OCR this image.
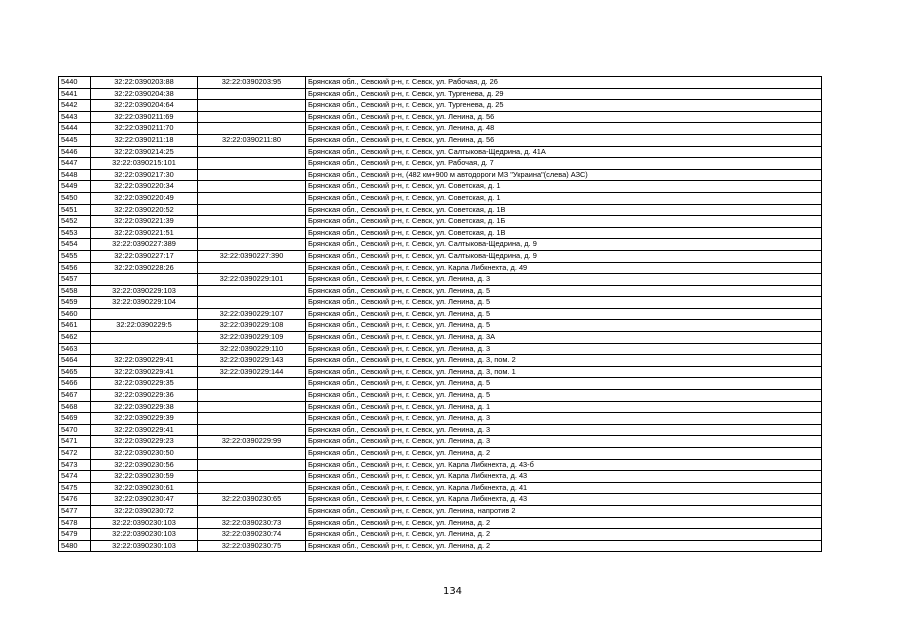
5440	32:22:0390203:88	32:22:0390203:95	Брянская обл., Севский р-н, г. Севск, ул. Рабочая, д. 26
5441	32:22:0390204:38		Брянская обл., Севский р-н, г. Севск, ул. Тургенева, д. 29
5442	32:22:0390204:64		Брянская обл., Севский р-н, г. Севск, ул. Тургенева, д. 25
5443	32:22:0390211:69		Брянская обл., Севский р-н, г. Севск, ул. Ленина, д. 56
5444	32:22:0390211:70		Брянская обл., Севский р-н, г. Севск, ул. Ленина, д. 48
5445	32:22:0390211:18	32:22:0390211:80	Брянская обл., Севский р-н, г. Севск, ул. Ленина, д. 56
5446	32:22:0390214:25		Брянская обл., Севский р-н, г. Севск, ул. Салтыкова-Щедрина, д. 41А
5447	32:22:0390215:101		Брянская обл., Севский р-н, г. Севск, ул. Рабочая, д. 7
5448	32:22:0390217:30		Брянская обл., Севский р-н, (482 км+900 м автодороги МЗ "Украина"(слева) АЗС)
5449	32:22:0390220:34		Брянская обл., Севский р-н, г. Севск, ул. Советская, д. 1
5450	32:22:0390220:49		Брянская обл., Севский р-н, г. Севск, ул. Советская, д. 1
5451	32:22:0390220:52		Брянская обл., Севский р-н, г. Севск, ул. Советская, д. 1В
5452	32:22:0390221:39		Брянская обл., Севский р-н, г. Севск, ул. Советская, д. 1Б
5453	32:22:0390221:51		Брянская обл., Севский р-н, г. Севск, ул. Советская, д. 1В
5454	32:22:0390227:389		Брянская обл., Севский р-н, г. Севск, ул. Салтыкова-Щедрина, д. 9
5455	32:22:0390227:17	32:22:0390227:390	Брянская обл., Севский р-н, г. Севск, ул. Салтыкова-Щедрина, д. 9
5456	32:22:0390228:26		Брянская обл., Севский р-н, г. Севск, ул. Карла Либкнехта, д. 49
5457		32:22:0390229:101	Брянская обл., Севский р-н, г. Севск, ул. Ленина, д. 3
5458	32:22:0390229:103		Брянская обл., Севский р-н, г. Севск, ул. Ленина, д. 5
5459	32:22:0390229:104		Брянская обл., Севский р-н, г. Севск, ул. Ленина, д. 5
5460		32:22:0390229:107	Брянская обл., Севский р-н, г. Севск, ул. Ленина, д. 5
5461	32:22:0390229:5	32:22:0390229:108	Брянская обл., Севский р-н, г. Севск, ул. Ленина, д. 5
5462		32:22:0390229:109	Брянская обл., Севский р-н, г. Севск, ул. Ленина, д. 3А
5463		32:22:0390229:110	Брянская обл., Севский р-н, г. Севск, ул. Ленина, д. 3
5464	32:22:0390229:41	32:22:0390229:143	Брянская обл., Севский р-н, г. Севск, ул. Ленина, д. 3, пом. 2
5465	32:22:0390229:41	32:22:0390229:144	Брянская обл., Севский р-н, г. Севск, ул. Ленина, д. 3, пом. 1
5466	32:22:0390229:35		Брянская обл., Севский р-н, г. Севск, ул. Ленина, д. 5
5467	32:22:0390229:36		Брянская обл., Севский р-н, г. Севск, ул. Ленина, д. 5
5468	32:22:0390229:38		Брянская обл., Севский р-н, г. Севск, ул. Ленина, д. 1
5469	32:22:0390229:39		Брянская обл., Севский р-н, г. Севск, ул. Ленина, д. 3
5470	32:22:0390229:41		Брянская обл., Севский р-н, г. Севск, ул. Ленина, д. 3
5471	32:22:0390229:23	32:22:0390229:99	Брянская обл., Севский р-н, г. Севск, ул. Ленина, д. 3
5472	32:22:0390230:50		Брянская обл., Севский р-н, г. Севск, ул. Ленина, д. 2
5473	32:22:0390230:56		Брянская обл., Севский р-н, г. Севск, ул. Карла Либкнехта, д. 43-б
5474	32:22:0390230:59		Брянская обл., Севский р-н, г. Севск, ул. Карла Либкнехта, д. 43
5475	32:22:0390230:61		Брянская обл., Севский р-н, г. Севск, ул. Карла Либкнехта, д. 41
5476	32:22:0390230:47	32:22:0390230:65	Брянская обл., Севский р-н, г. Севск, ул. Карла Либкнехта, д. 43
5477	32:22:0390230:72		Брянская обл., Севский р-н, г. Севск, ул. Ленина, напротив 2
5478	32:22:0390230:103	32:22:0390230:73	Брянская обл., Севский р-н, г. Севск, ул. Ленина, д. 2
5479	32:22:0390230:103	32:22:0390230:74	Брянская обл., Севский р-н, г. Севск, ул. Ленина, д. 2
5480	32:22:0390230:103	32:22:0390230:75	Брянская обл., Севский р-н, г. Севск, ул. Ленина, д. 2
134
